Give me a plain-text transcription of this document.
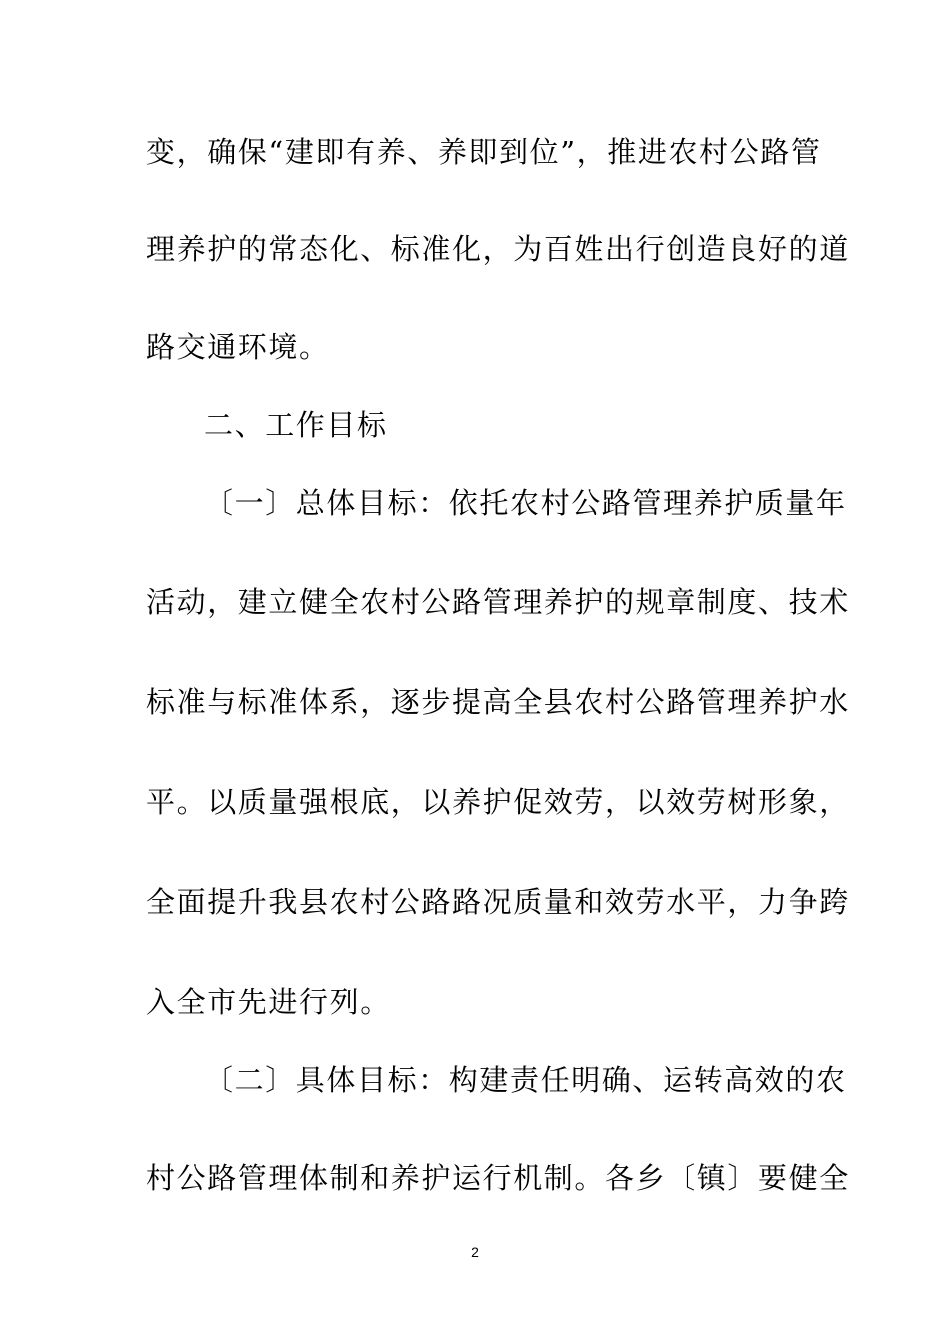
变，确保“建即有养、养即到位”，推进农村公路管
理养护的常态化、标准化，为百姓出行创造良好的道
路交通环境。
二、工作目标
〔一〕总体目标：依托农村公路管理养护质量年
活动，建立健全农村公路管理养护的规章制度、技术
标准与标准体系，逐步提高全县农村公路管理养护水
平。以质量强根底，以养护促效劳，以效劳树形象，
全面提升我县农村公路路况质量和效劳水平，力争跨
入全市先进行列。
〔二〕具体目标：构建责任明确、运转高效的农
村公路管理体制和养护运行机制。各乡〔镇〕要健全
2
